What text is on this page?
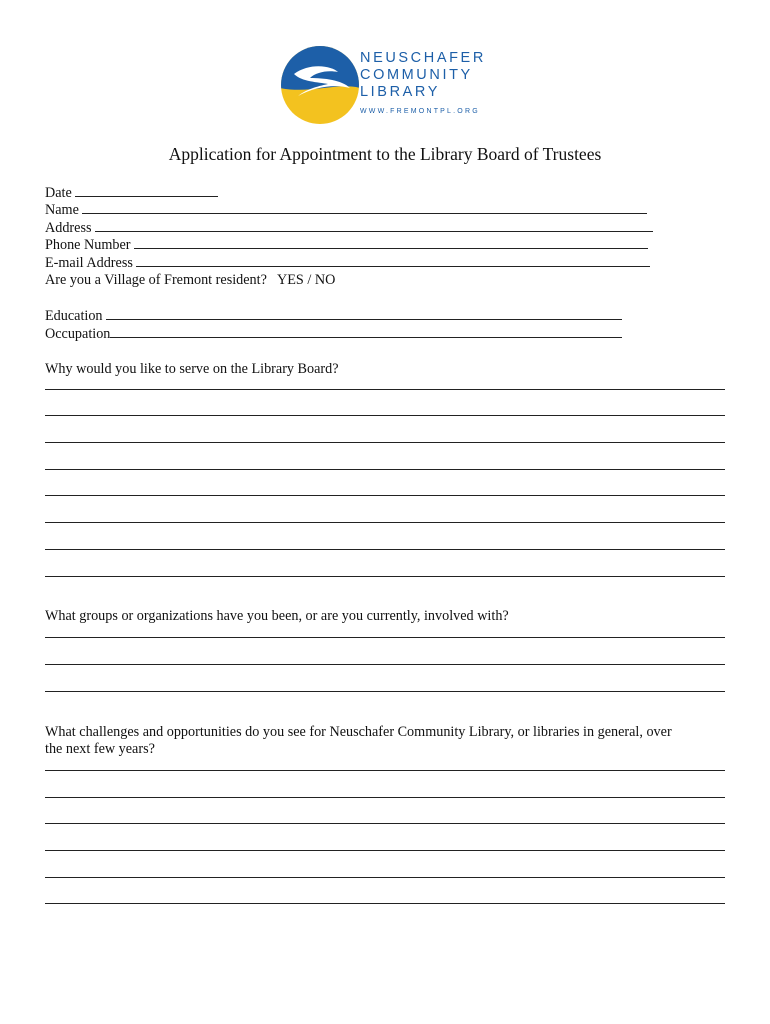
NEUSCHAFER
COMMUNITY
LIBRARY
WWW.FREMONTPL.ORG
Application for Appointment to the Library Board of Trustees
Date
Name
Address
Phone Number
E-mail Address
Are you a Village of Fremont resident?   YES / NO
Education
Occupation
Why would you like to serve on the Library Board?
What groups or organizations have you been, or are you currently, involved with?
What challenges and opportunities do you see for Neuschafer Community Library, or libraries in general, over
the next few years?
